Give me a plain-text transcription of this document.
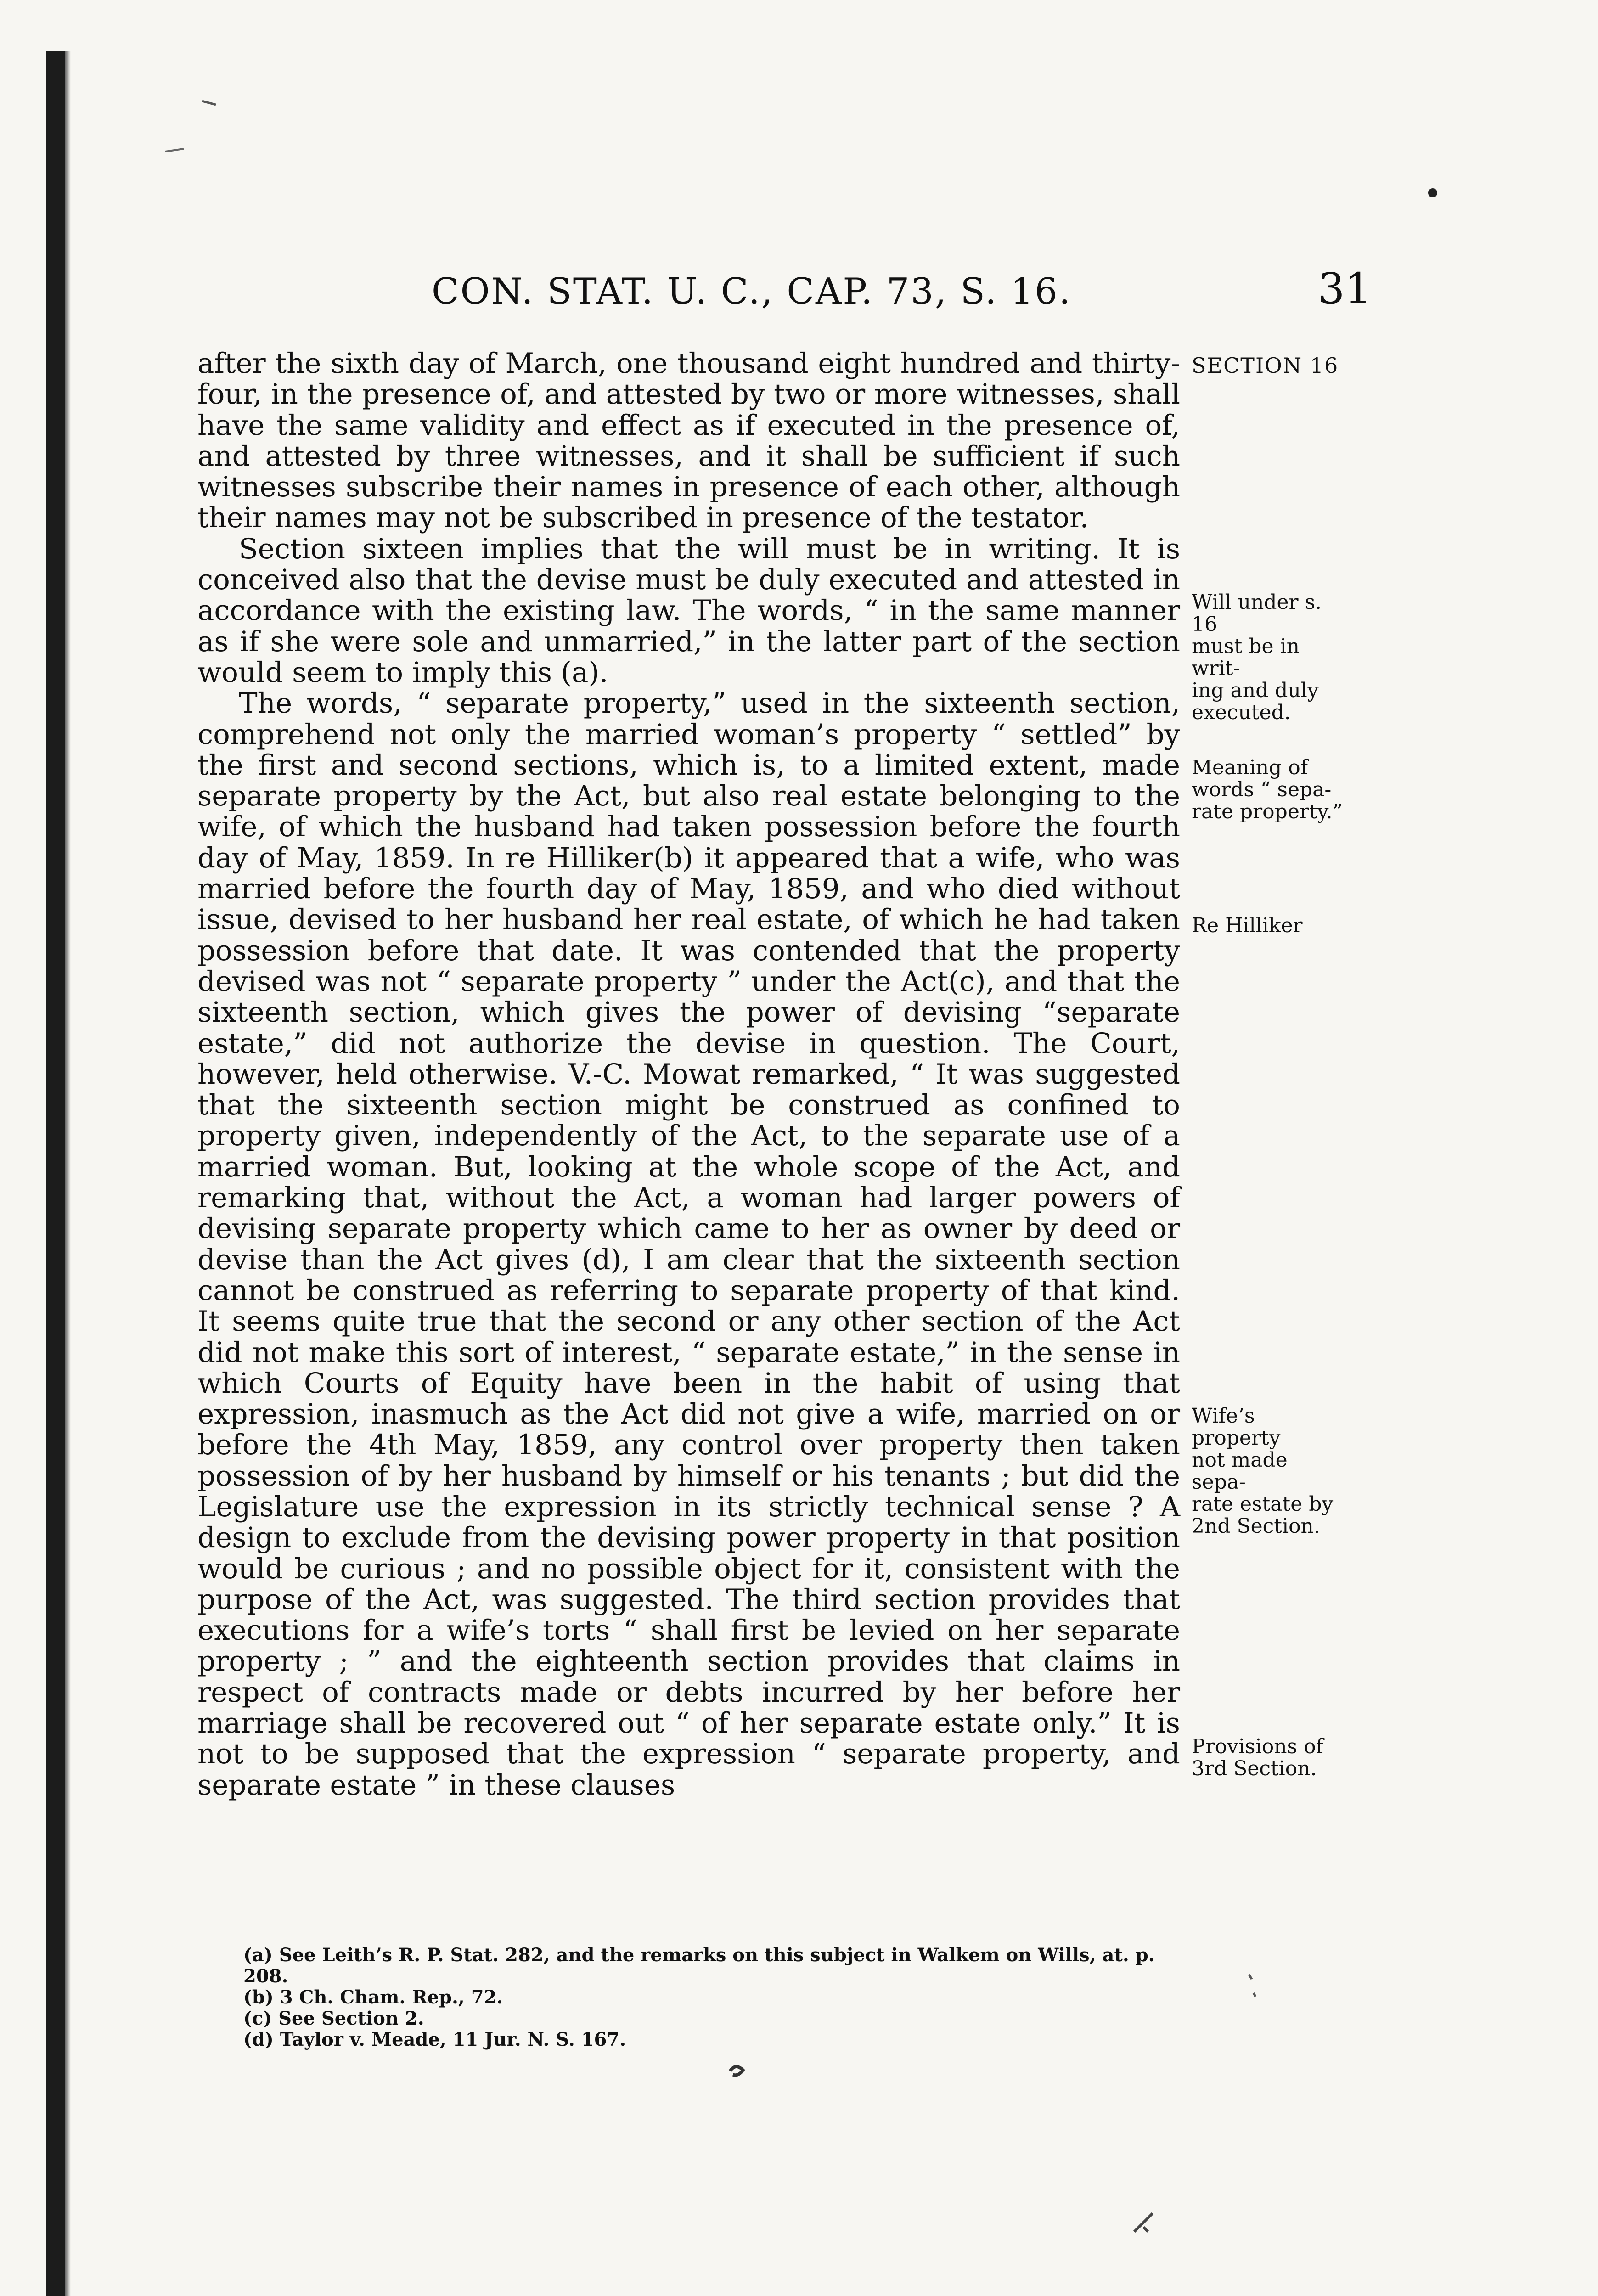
CON. STAT. U. C., CAP. 73, S. 16.	31

after the sixth day of March, one thousand eight hundred and thirty-four, in the presence of, and attested by two or more witnesses, shall have the same validity and effect as if executed in the presence of, and attested by three witnesses, and it shall be sufficient if such witnesses subscribe their names in presence of each other, although their names may not be subscribed in presence of the testator.

Section sixteen implies that the will must be in writing. It is conceived also that the devise must be duly executed and attested in accordance with the existing law. The words, “ in the same manner as if she were sole and unmarried,” in the latter part of the section would seem to imply this (a).

The words, “ separate property,” used in the sixteenth section, comprehend not only the married woman’s property “ settled” by the first and second sections, which is, to a limited extent, made separate property by the Act, but also real estate belonging to the wife, of which the husband had taken possession before the fourth day of May, 1859. In re Hilliker(b) it appeared that a wife, who was married before the fourth day of May, 1859, and who died without issue, devised to her husband her real estate, of which he had taken possession before that date. It was contended that the property devised was not “ separate property ” under the Act(c), and that the sixteenth section, which gives the power of devising “separate estate,” did not authorize the devise in question. The Court, however, held otherwise. V.-C. Mowat remarked, “ It was suggested that the sixteenth section might be construed as confined to property given, independently of the Act, to the separate use of a married woman. But, looking at the whole scope of the Act, and remarking that, without the Act, a woman had larger powers of devising separate property which came to her as owner by deed or devise than the Act gives (d), I am clear that the sixteenth section cannot be construed as referring to separate property of that kind. It seems quite true that the second or any other section of the Act did not make this sort of interest, “ separate estate,” in the sense in which Courts of Equity have been in the habit of using that expression, inasmuch as the Act did not give a wife, married on or before the 4th May, 1859, any control over property then taken possession of by her husband by himself or his tenants ; but did the Legislature use the expression in its strictly technical sense ? A design to exclude from the devising power property in that position would be curious ; and no possible object for it, consistent with the purpose of the Act, was suggested. The third section provides that executions for a wife’s torts “ shall first be levied on her separate property ; ” and the eighteenth section provides that claims in respect of contracts made or debts incurred by her before her marriage shall be recovered out “ of her separate estate only.” It is not to be supposed that the expression “ separate property, and separate estate ” in these clauses

SECTION 16
Will under s. 16
must be in writ-
ing and duly
executed.
Meaning of
words “ sepa-
rate property.”
Re Hilliker
Wife’s property
not made sepa-
rate estate by
2nd Section.
Provisions of
3rd Section.

(a) See Leith’s R. P. Stat. 282, and the remarks on this subject in Walkem on Wills, at. p. 208.

(b) 3 Ch. Cham. Rep., 72.

(c) See Section 2.

(d) Taylor v. Meade, 11 Jur. N. S. 167.
